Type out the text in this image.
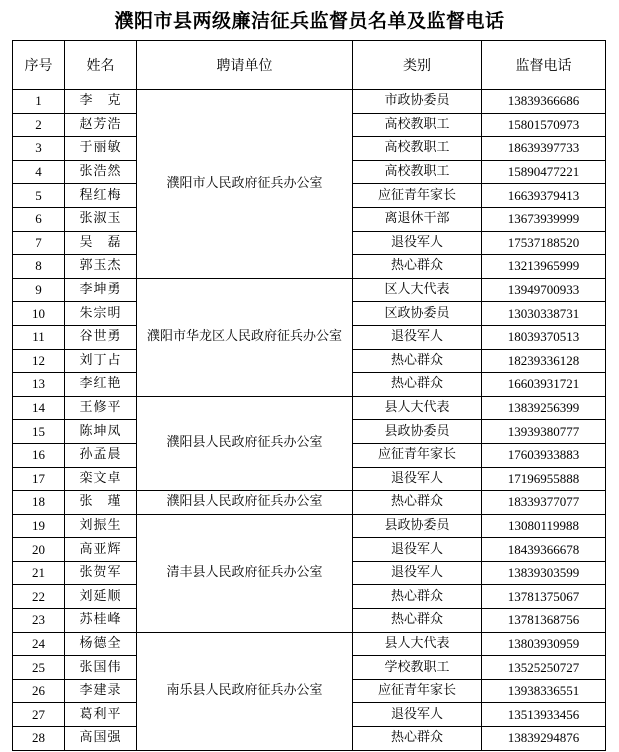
濮阳市县两级廉洁征兵监督员名单及监督电话
序号	姓名	聘请单位	类别	监督电话
1	李　克	濮阳市人民政府征兵办公室	市政协委员	13839366686
2	赵芳浩		高校教职工	15801570973
3	于丽敏		高校教职工	18639397733
4	张浩然		高校教职工	15890477221
5	程红梅		应征青年家长	16639379413
6	张淑玉		离退休干部	13673939999
7	吴　磊		退役军人	17537188520
8	郭玉杰		热心群众	13213965999
9	李坤勇	濮阳市华龙区人民政府征兵办公室	区人大代表	13949700933
10	朱宗明		区政协委员	13030338731
11	谷世勇		退役军人	18039370513
12	刘丁占		热心群众	18239336128
13	李红艳		热心群众	16603931721
14	王修平	濮阳县人民政府征兵办公室	县人大代表	13839256399
15	陈坤凤		县政协委员	13939380777
16	孙孟晨		应征青年家长	17603933883
17	栾文卓		退役军人	17196955888
18	张　瑾	濮阳县人民政府征兵办公室	热心群众	18339377077
19	刘振生	清丰县人民政府征兵办公室	县政协委员	13080119988
20	高亚辉		退役军人	18439366678
21	张贺军		退役军人	13839303599
22	刘延顺		热心群众	13781375067
23	苏桂峰		热心群众	13781368756
24	杨德全	南乐县人民政府征兵办公室	县人大代表	13803930959
25	张国伟		学校教职工	13525250727
26	李建录		应征青年家长	13938336551
27	葛利平		退役军人	13513933456
28	高国强		热心群众	13839294876
